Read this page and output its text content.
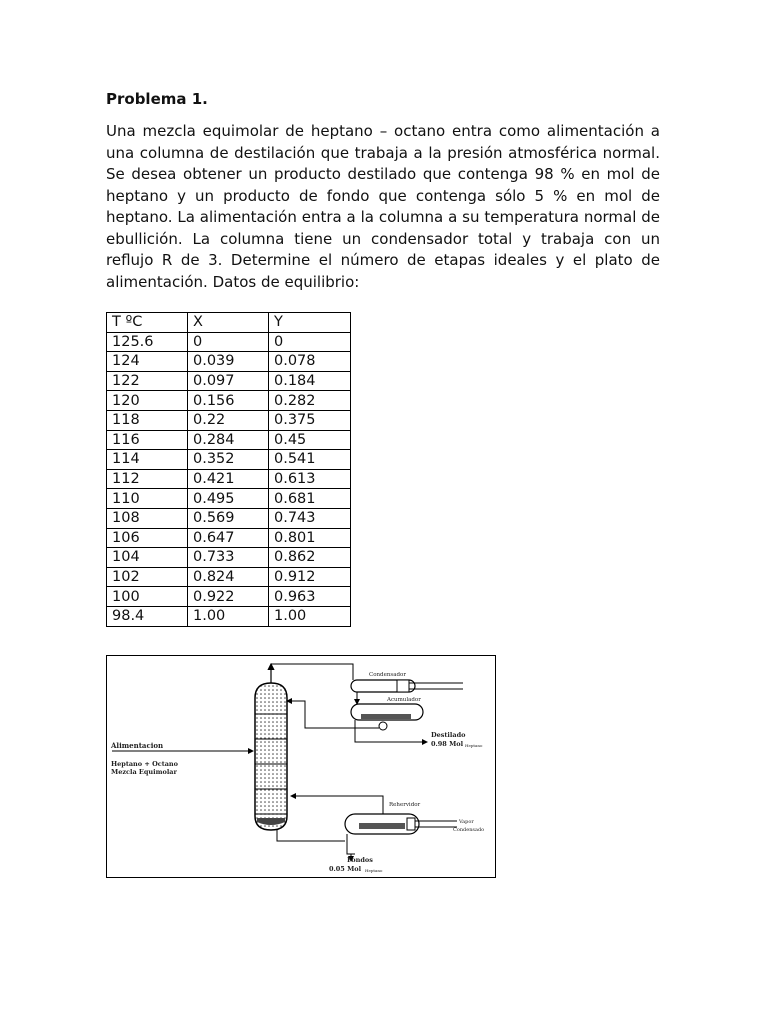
Problema 1.

Una mezcla equimolar de heptano – octano entra como alimentación a una columna de destilación que trabaja a la presión atmosférica normal. Se desea obtener un producto destilado que contenga 98 % en mol de heptano y un producto de fondo que contenga sólo 5 % en mol de heptano. La alimentación entra a la columna a su temperatura normal de ebullición. La columna tiene un condensador total y trabaja con un reflujo R de 3. Determine el número de etapas ideales y el plato de alimentación. Datos de equilibrio:

T ºC	X	Y
125.6	0	0
124	0.039	0.078
122	0.097	0.184
120	0.156	0.282
118	0.22	0.375
116	0.284	0.45
114	0.352	0.541
112	0.421	0.613
110	0.495	0.681
108	0.569	0.743
106	0.647	0.801
104	0.733	0.862
102	0.824	0.912
100	0.922	0.963
98.4	1.00	1.00
Alimentacion
Heptano + Octano
Mezcla Equimolar
Condensador
Acumulador
Destilado
0.98 Mol Heptano
Rehervidor
Vapor
Condensado
Fondos
0.05 Mol Heptano
